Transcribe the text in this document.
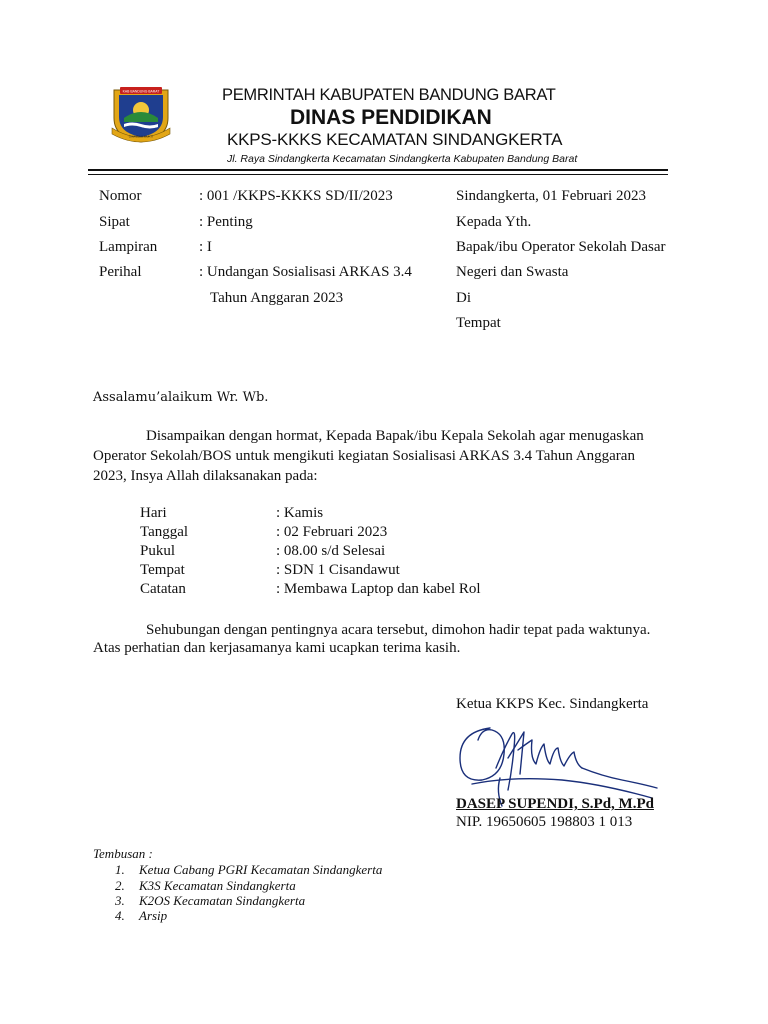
KAB BANDUNG BARAT
GAWIRAH MUKTI
PEMRINTAH KABUPATEN BANDUNG BARAT
DINAS PENDIDIKAN
KKPS-KKKS KECAMATAN SINDANGKERTA
Jl. Raya Sindangkerta Kecamatan Sindangkerta Kabupaten Bandung Barat
Nomor	: 001 /KKPS-KKKS SD/II/2023
Sipat	: Penting
Lampiran	: I
Perihal	: Undangan Sosialisasi ARKAS 3.4
Tahun Anggaran 2023
Sindangkerta, 01 Februari 2023
Kepada Yth.
Bapak/ibu Operator Sekolah Dasar
Negeri dan Swasta
Di
Tempat
Assalamu’alaikum Wr. Wb.
Disampaikan dengan hormat, Kepada Bapak/ibu Kepala Sekolah agar menugaskan
Operator Sekolah/BOS untuk mengikuti kegiatan Sosialisasi ARKAS 3.4 Tahun Anggaran
2023, Insya Allah dilaksanakan pada:
Hari	: Kamis
Tanggal	: 02 Februari 2023
Pukul	: 08.00 s/d Selesai
Tempat	: SDN 1 Cisandawut
Catatan	: Membawa Laptop dan kabel Rol
Sehubungan dengan pentingnya acara tersebut, dimohon hadir tepat pada waktunya.
Atas perhatian dan kerjasamanya kami ucapkan terima kasih.
Ketua KKPS Kec. Sindangkerta
DASEP SUPENDI, S.Pd, M.Pd
NIP. 19650605 198803 1 013
Tembusan :
1. Ketua Cabang PGRI Kecamatan Sindangkerta
2. K3S Kecamatan Sindangkerta
3. K2OS Kecamatan Sindangkerta
4. Arsip
